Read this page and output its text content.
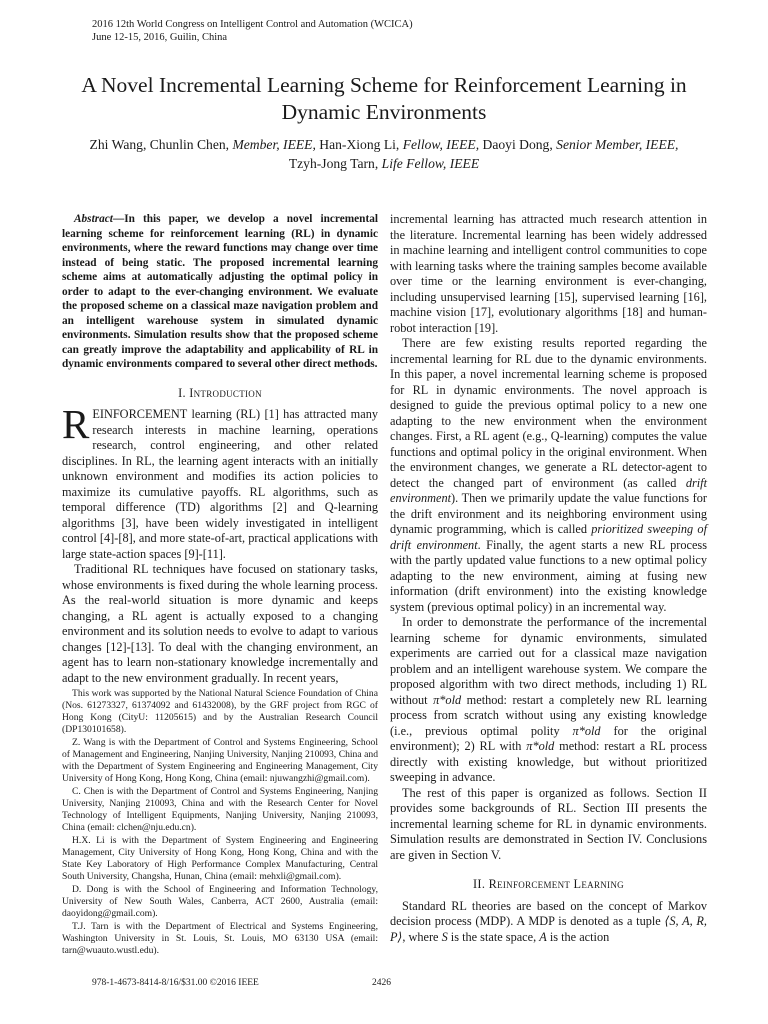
2016 12th World Congress on Intelligent Control and Automation (WCICA)
June 12-15, 2016, Guilin, China
A Novel Incremental Learning Scheme for Reinforcement Learning in Dynamic Environments
Zhi Wang, Chunlin Chen, Member, IEEE, Han-Xiong Li, Fellow, IEEE, Daoyi Dong, Senior Member, IEEE,
Tzyh-Jong Tarn, Life Fellow, IEEE

Abstract—In this paper, we develop a novel incremental learning scheme for reinforcement learning (RL) in dynamic environments, where the reward functions may change over time instead of being static. The proposed incremental learning scheme aims at automatically adjusting the optimal policy in order to adapt to the ever-changing environment. We evaluate the proposed scheme on a classical maze navigation problem and an intelligent warehouse system in simulated dynamic environments. Simulation results show that the proposed scheme can greatly improve the adaptability and applicability of RL in dynamic environments compared to several other direct methods.

I. Introduction

REINFORCEMENT learning (RL) [1] has attracted many research interests in machine learning, operations research, control engineering, and other related disciplines. In RL, the learning agent interacts with an initially unknown environment and modifies its action policies to maximize its cumulative payoffs. RL algorithms, such as temporal difference (TD) algorithms [2] and Q-learning algorithms [3], have been widely investigated in intelligent control [4]-[8], and more state-of-art, practical applications with large state-action spaces [9]-[11].

Traditional RL techniques have focused on stationary tasks, whose environments is fixed during the whole learning process. As the real-world situation is more dynamic and keeps changing, a RL agent is actually exposed to a changing environment and its solution needs to evolve to adapt to various changes [12]-[13]. To deal with the changing environment, an agent has to learn non-stationary knowledge incrementally and adapt to the new environment gradually. In recent years,

This work was supported by the National Natural Science Foundation of China (Nos. 61273327, 61374092 and 61432008), by the GRF project from RGC of Hong Kong (CityU: 11205615) and by the Australian Research Council (DP130101658).

Z. Wang is with the Department of Control and Systems Engineering, School of Management and Engineering, Nanjing University, Nanjing 210093, China and with the Department of System Engineering and Engineering Management, City University of Hong Kong, Hong Kong, China (email: njuwangzhi@gmail.com).

C. Chen is with the Department of Control and Systems Engineering, Nanjing University, Nanjing 210093, China and with the Research Center for Novel Technology of Intelligent Equipments, Nanjing University, Nanjing 210093, China (email: clchen@nju.edu.cn).

H.X. Li is with the Department of System Engineering and Engineering Management, City University of Hong Kong, Hong Kong, China and with the State Key Laboratory of High Performance Complex Manufacturing, Central South University, Changsha, Hunan, China (email: mehxli@gmail.com).

D. Dong is with the School of Engineering and Information Technology, University of New South Wales, Canberra, ACT 2600, Australia (email: daoyidong@gmail.com).

T.J. Tarn is with the Department of Electrical and Systems Engineering, Washington University in St. Louis, St. Louis, MO 63130 USA (email: tarn@wuauto.wustl.edu).

incremental learning has attracted much research attention in the literature. Incremental learning has been widely addressed in machine learning and intelligent control communities to cope with learning tasks where the training samples become available over time or the learning environment is ever-changing, including unsupervised learning [15], supervised learning [16], machine vision [17], evolutionary algorithms [18] and human-robot interaction [19].

There are few existing results reported regarding the incremental learning for RL due to the dynamic environments. In this paper, a novel incremental learning scheme is proposed for RL in dynamic environments. The novel approach is designed to guide the previous optimal policy to a new one adapting to the new environment when the environment changes. First, a RL agent (e.g., Q-learning) computes the value functions and optimal policy in the original environment. When the environment changes, we generate a RL detector-agent to detect the changed part of environment (as called drift environment). Then we primarily update the value functions for the drift environment and its neighboring environment using dynamic programming, which is called prioritized sweeping of drift environment. Finally, the agent starts a new RL process with the partly updated value functions to a new optimal policy adapting to the new environment, aiming at fusing new information (drift environment) into the existing knowledge system (previous optimal policy) in an incremental way.

In order to demonstrate the performance of the incremental learning scheme for dynamic environments, simulated experiments are carried out for a classical maze navigation problem and an intelligent warehouse system. We compare the proposed algorithm with two direct methods, including 1) RL without π*old method: restart a completely new RL learning process from scratch without using any existing knowledge (i.e., previous optimal polity π*old for the original environment); 2) RL with π*old method: restart a RL process directly with existing knowledge, but without prioritized sweeping in advance.

The rest of this paper is organized as follows. Section II provides some backgrounds of RL. Section III presents the incremental learning scheme for RL in dynamic environments. Simulation results are demonstrated in Section IV. Conclusions are given in Section V.

II. Reinforcement Learning

Standard RL theories are based on the concept of Markov decision process (MDP). A MDP is denoted as a tuple ⟨S, A, R, P⟩, where S is the state space, A is the action

978-1-4673-8414-8/16/$31.00 ©2016 IEEE	2426
